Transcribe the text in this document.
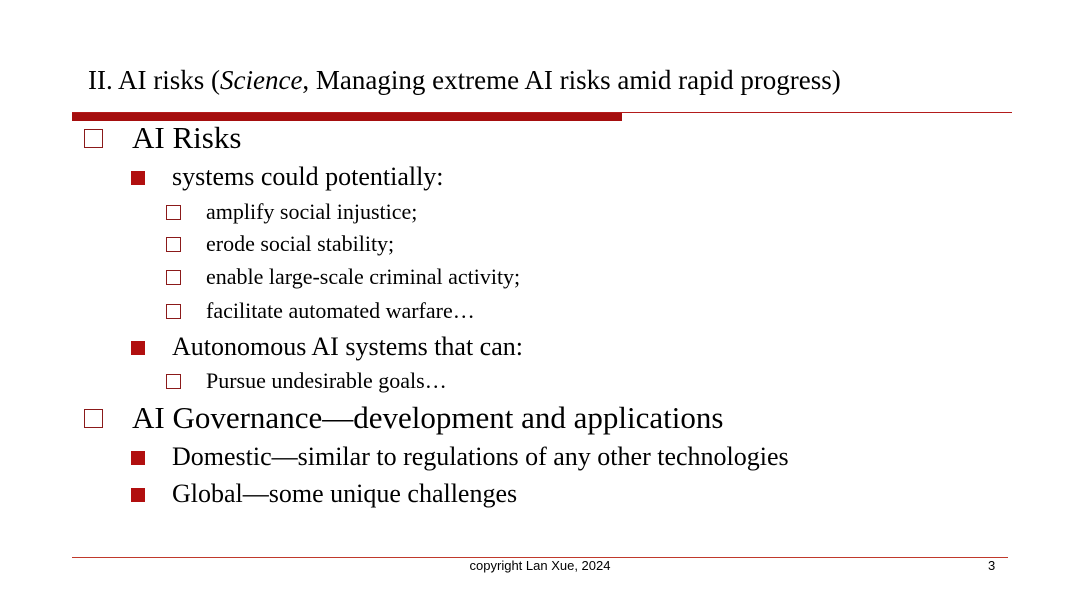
II. AI risks (Science, Managing extreme AI risks amid rapid progress)
AI Risks
systems could potentially:
amplify social injustice;
erode social stability;
enable large-scale criminal activity;
facilitate automated warfare…
Autonomous AI systems that can:
Pursue undesirable goals…
AI Governance—development and applications
Domestic—similar to regulations of any other technologies
Global—some unique challenges
copyright Lan Xue, 2024	3
